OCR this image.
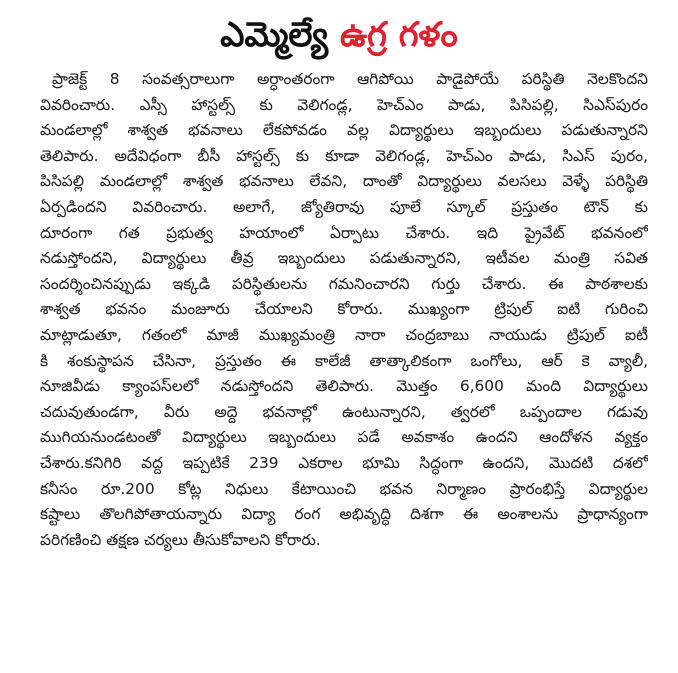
ఎమ్మెల్యే ఉగ్ర గళం
ప్రాజెక్ట్ 8 సంవత్సరాలుగా అర్ధాంతరంగా ఆగిపోయి పాడైపోయే పరిస్థితి నెలకొందని
వివరించారు. ఎస్సీ హాస్టల్స్ కు వెలిగండ్ల, హెచ్ఎం పాడు, పిసిపల్లి, సిఎస్‌పురం
మండలాల్లో శాశ్వత భవనాలు లేకపోవడం వల్ల విద్యార్థులు ఇబ్బందులు పడుతున్నారని
తెలిపారు. అదేవిధంగా బీసీ హాస్టల్స్ కు కూడా వెలిగండ్ల, హెచ్ఎం పాడు, సిఎస్ పురం,
పిసిపల్లి మండలాల్లో శాశ్వత భవనాలు లేవని, దాంతో విద్యార్థులు వలసలు వెళ్ళే పరిస్థితి
ఏర్పడిందని వివరించారు. అలాగే, జ్యోతిరావు పూలే స్కూల్ ప్రస్తుతం టౌన్ కు
దూరంగా గత ప్రభుత్వ హయాంలో ఏర్పాటు చేశారు. ఇది ప్రైవేట్ భవనంలో
నడుస్తోందని, విద్యార్థులు తీవ్ర ఇబ్బందులు పడుతున్నారని, ఇటీవల మంత్రి సవిత
సందర్శించినప్పుడు ఇక్కడి పరిస్థితులను గమనించారని గుర్తు చేశారు. ఈ పాఠశాలకు
శాశ్వత భవనం మంజూరు చేయాలని కోరారు. ముఖ్యంగా ట్రిపుల్ ఐటి గురించి
మాట్లాడుతూ, గతంలో మాజీ ముఖ్యమంత్రి నారా చంద్రబాబు నాయుడు ట్రిపుల్ ఐటీ
కి శంకుస్థాపన చేసినా, ప్రస్తుతం ఈ కాలేజీ తాత్కాలికంగా ఒంగోలు, ఆర్ కె వ్యాలీ,
నూజివీడు క్యాంపస్‌లలో నడుస్తోందని తెలిపారు. మొత్తం 6,600 మంది విద్యార్థులు
చదువుతుండగా, వీరు అద్దె భవనాల్లో ఉంటున్నారని, త్వరలో ఒప్పందాల గడువు
ముగియనుండటంతో విద్యార్థులు ఇబ్బందులు పడే అవకాశం ఉందని ఆందోళన వ్యక్తం
చేశారు.కనిగిరి వద్ద ఇప్పటికే 239 ఎకరాల భూమి సిద్ధంగా ఉందని, మొదటి దశలో
కనీసం రూ.200 కోట్ల నిధులు కేటాయించి భవన నిర్మాణం ప్రారంభిస్తే విద్యార్థుల
కష్టాలు తొలగిపోతాయన్నారు విద్యా రంగ అభివృద్ధి దిశగా ఈ అంశాలను ప్రాధాన్యంగా
పరిగణించి తక్షణ చర్యలు తీసుకోవాలని కోరారు.
